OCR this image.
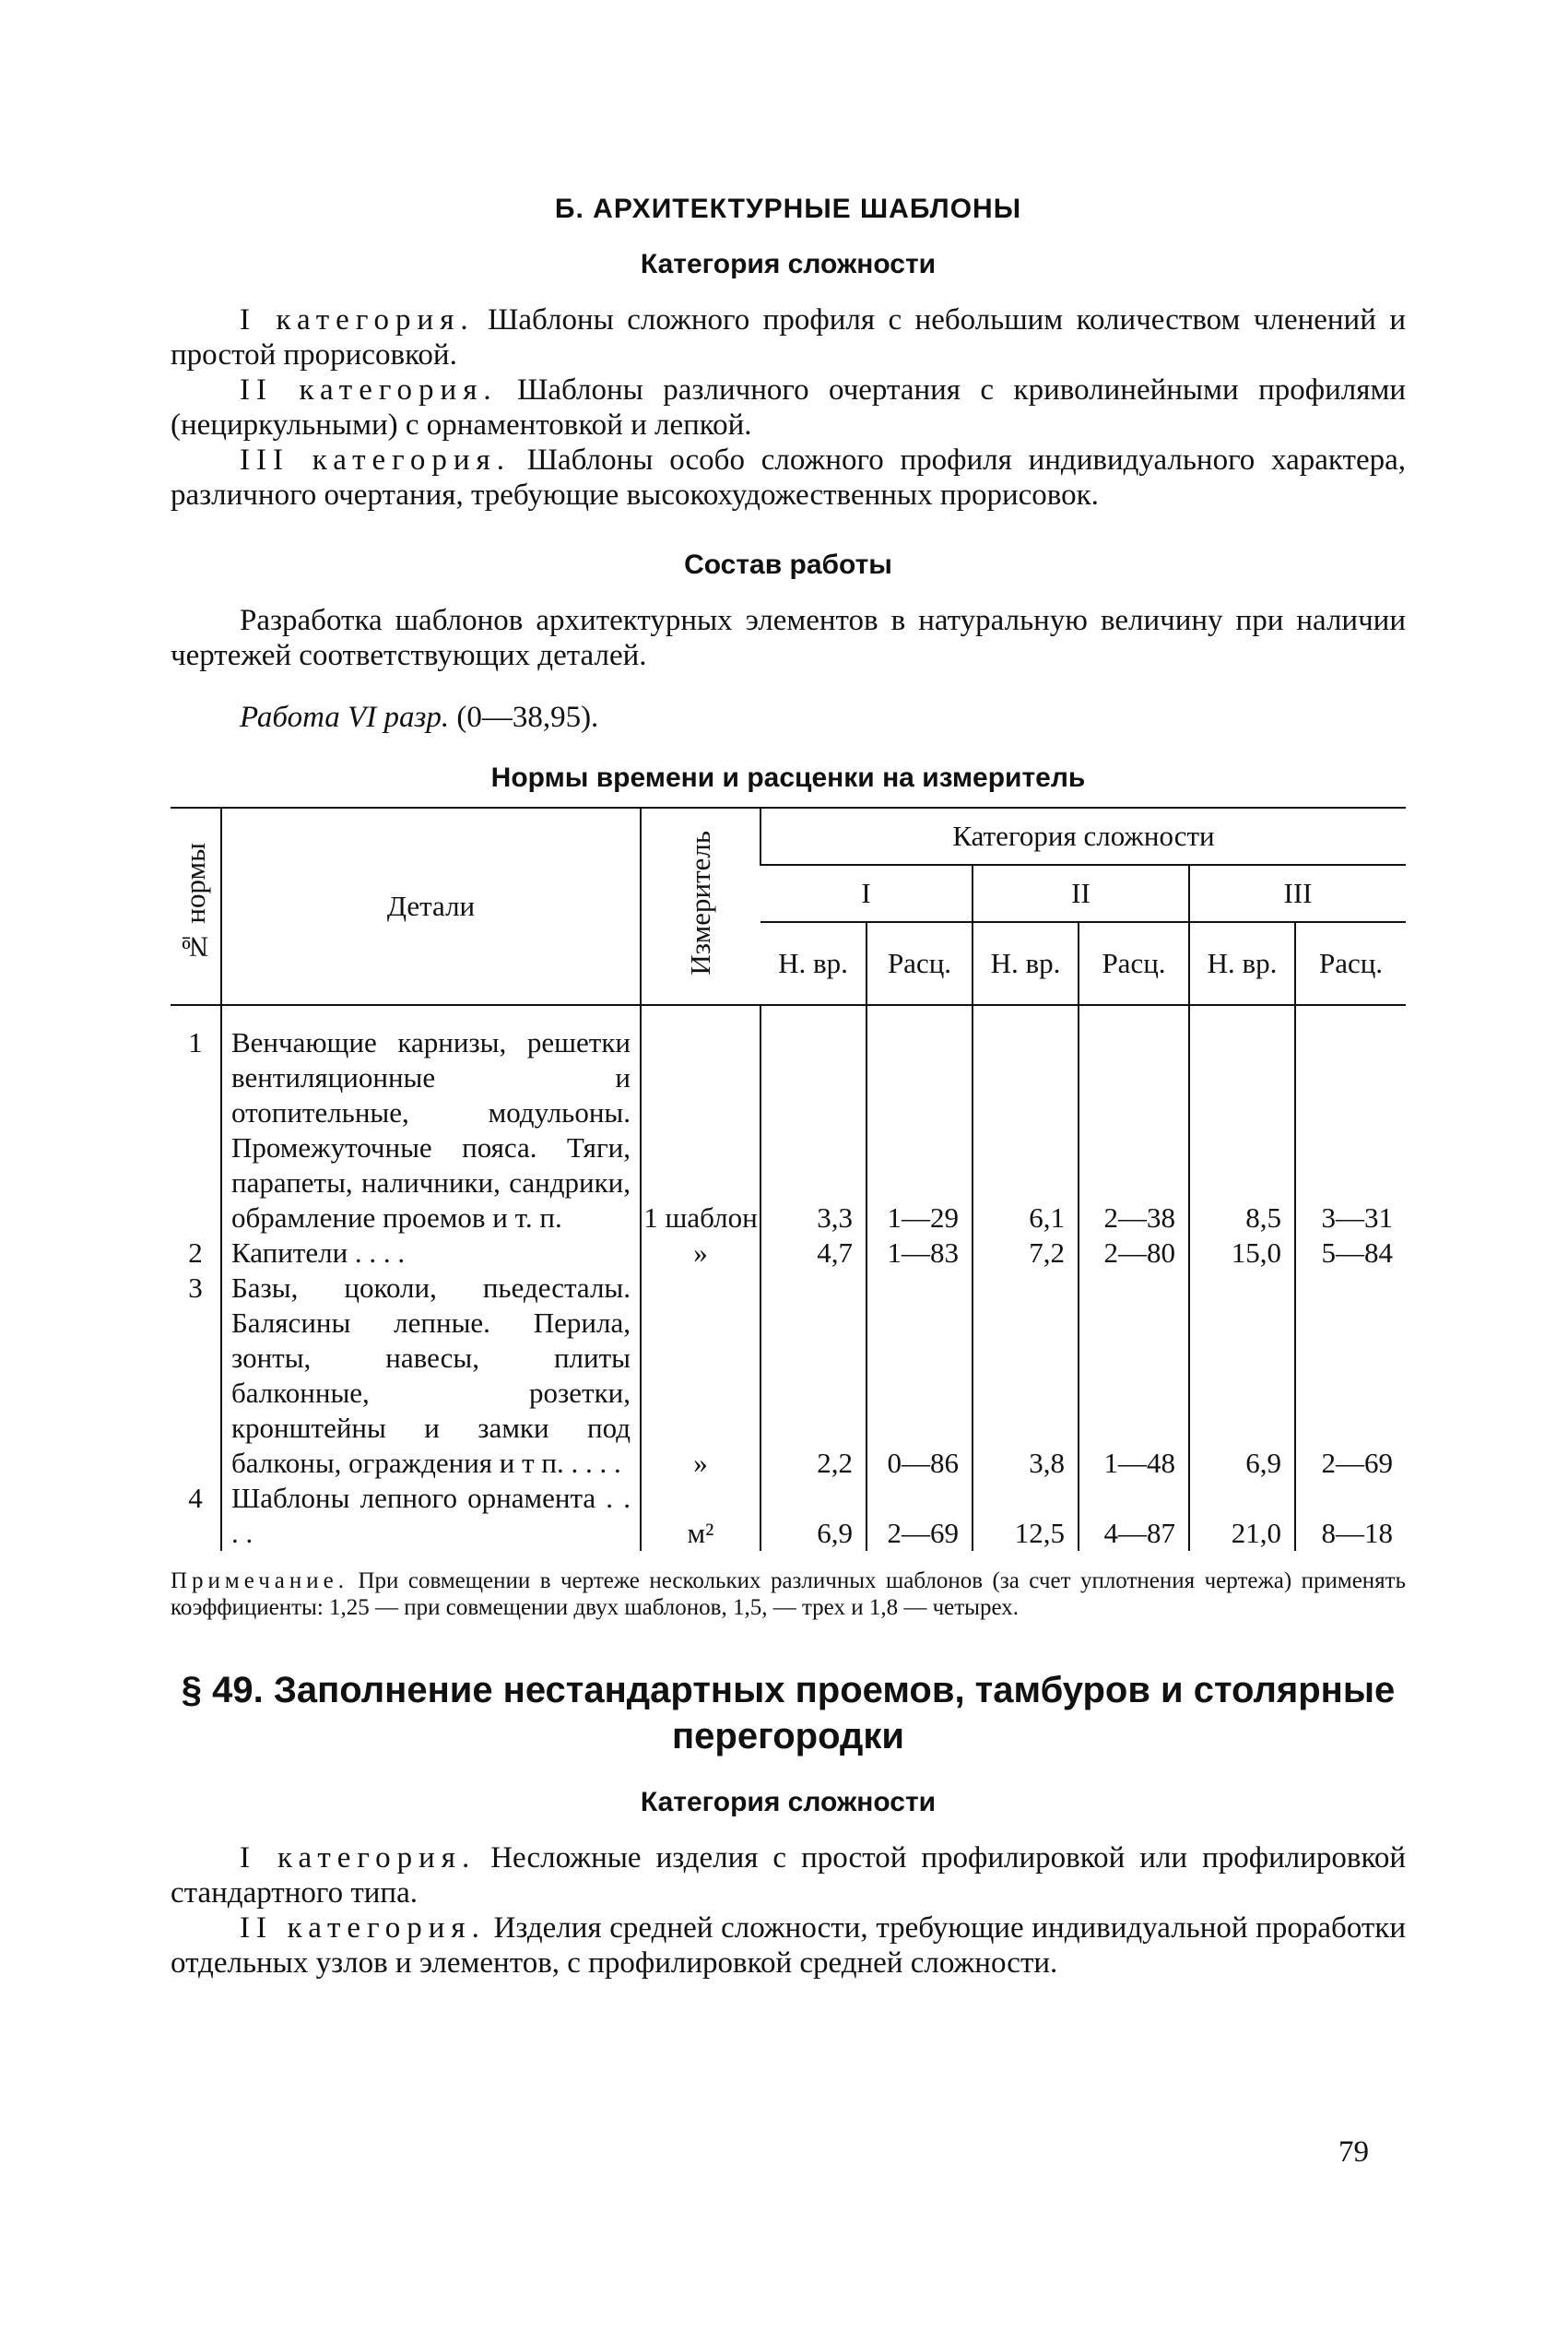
Б. АРХИТЕКТУРНЫЕ ШАБЛОНЫ
Категория сложности

I категория. Шаблоны сложного профиля с небольшим количеством членений и простой прорисовкой.

II категория. Шаблоны различного очертания с криволинейными профилями (нециркульными) с орнаментовкой и лепкой.

III категория. Шаблоны особо сложного профиля индивидуального характера, различного очертания, требующие высокохудожественных прорисовок.

Состав работы

Разработка шаблонов архитектурных элементов в натуральную величину при наличии чертежей соответствующих деталей.

Работа VI разр. (0—38,95).
Нормы времени и расценки на измеритель
№ нормы	Детали	Измеритель	Категория сложности					
			I		II		III	
			Н. вр.	Расц.	Н. вр.	Расц.	Н. вр.	Расц.

1	Венчающие карнизы, решетки вентиляционные и отопительные, модульоны. Промежуточные пояса. Тяги, парапеты, наличники, сандрики, обрамление проемов и т. п.	1 шаблон	3,3	1—29	6,1	2—38	8,5	3—31
2	Капители . . . .	»	4,7	1—83	7,2	2—80	15,0	5—84
3	Базы, цоколи, пьедесталы. Балясины лепные. Перила, зонты, навесы, плиты балконные, розетки, кронштейны и замки под балконы, ограждения и т п. . . . .	»	2,2	0—86	3,8	1—48	6,9	2—69
4	Шаблоны лепного орнамента . . . .	м²	6,9	2—69	12,5	4—87	21,0	8—18

Примечание. При совмещении в чертеже нескольких различных шаблонов (за счет уплотнения чертежа) применять коэффициенты: 1,25 — при совмещении двух шаблонов, 1,5, — трех и 1,8 — четырех.

§ 49. Заполнение нестандартных проемов, тамбуров и столярные перегородки
Категория сложности

I категория. Несложные изделия с простой профилировкой или профилировкой стандартного типа.

II категория. Изделия средней сложности, требующие индивидуальной проработки отдельных узлов и элементов, с профилировкой средней сложности.

79
